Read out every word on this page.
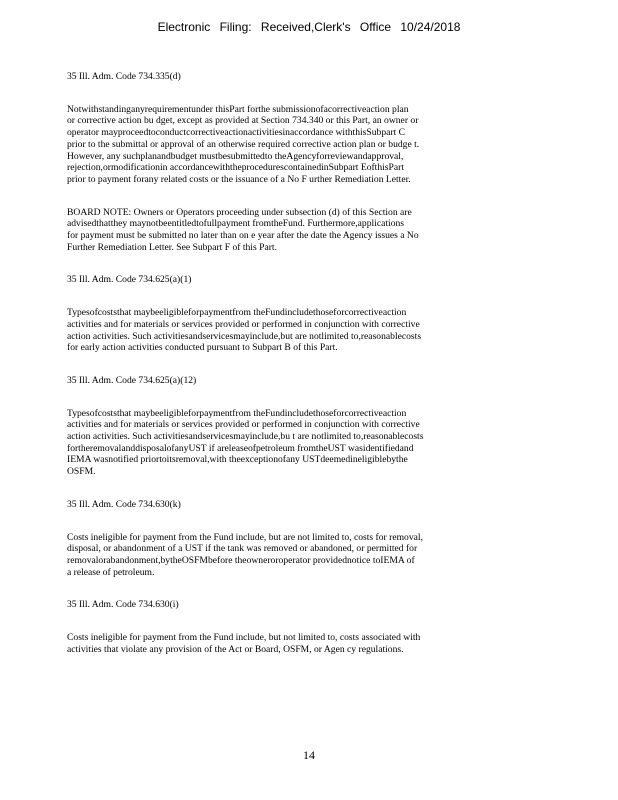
Electronic Filing: Received,Clerk's Office 10/24/2018
35 Ill. Adm. Code 734.335(d)
Notwithstandinganyrequirementunder thisPart forthe submissionofacorrectiveaction plan
or corrective action bu dget, except as provided at Section 734.340 or this Part, an owner or
operator mayproceedtoconductcorrectiveactionactivitiesinaccordance withthisSubpart C
prior to the submittal or approval of an otherwise required corrective action plan or budge t.
However, any suchplanandbudget mustbesubmittedto theAgencyforreviewandapproval,
rejection,ormodificationin accordancewiththeprocedurescontainedinSubpart EofthisPart
prior to payment forany related costs or the issuance of a No F urther Remediation Letter.
BOARD NOTE: Owners or Operators proceeding under subsection (d) of this Section are
advisedthatthey maynotbeentitledtofullpayment fromtheFund. Furthermore,applications
for payment must be submitted no later than on e year after the date the Agency issues a No
Further Remediation Letter. See Subpart F of this Part.
35 Ill. Adm. Code 734.625(a)(1)
Typesofcoststhat maybeeligibleforpaymentfrom theFundincludethoseforcorrectiveaction
activities and for materials or services provided or performed in conjunction with corrective
action activities. Such activitiesandservicesmayinclude,but are notlimited to,reasonablecosts
for early action activities conducted pursuant to Subpart B of this Part.
35 Ill. Adm. Code 734.625(a)(12)
Typesofcoststhat maybeeligibleforpaymentfrom theFundincludethoseforcorrectiveaction
activities and for materials or services provided or performed in conjunction with corrective
action activities. Such activitiesandservicesmayinclude,bu t are notlimited to,reasonablecosts
fortheremovalanddisposalofanyUST if areleaseofpetroleum fromtheUST wasidentifiedand
IEMA wasnotified priortoitsremoval,with theexceptionofany USTdeemedineligiblebythe
OSFM.
35 Ill. Adm. Code 734.630(k)
Costs ineligible for payment from the Fund include, but are not limited to, costs for removal,
disposal, or abandonment of a UST if the tank was removed or abandoned, or permitted for
removalorabandonment,bytheOSFMbefore theowneroroperator providednotice toIEMA of
a release of petroleum.
35 Ill. Adm. Code 734.630(i)
Costs ineligible for payment from the Fund include, but not limited to, costs associated with
activities that violate any provision of the Act or Board, OSFM, or Agen cy regulations.
14
